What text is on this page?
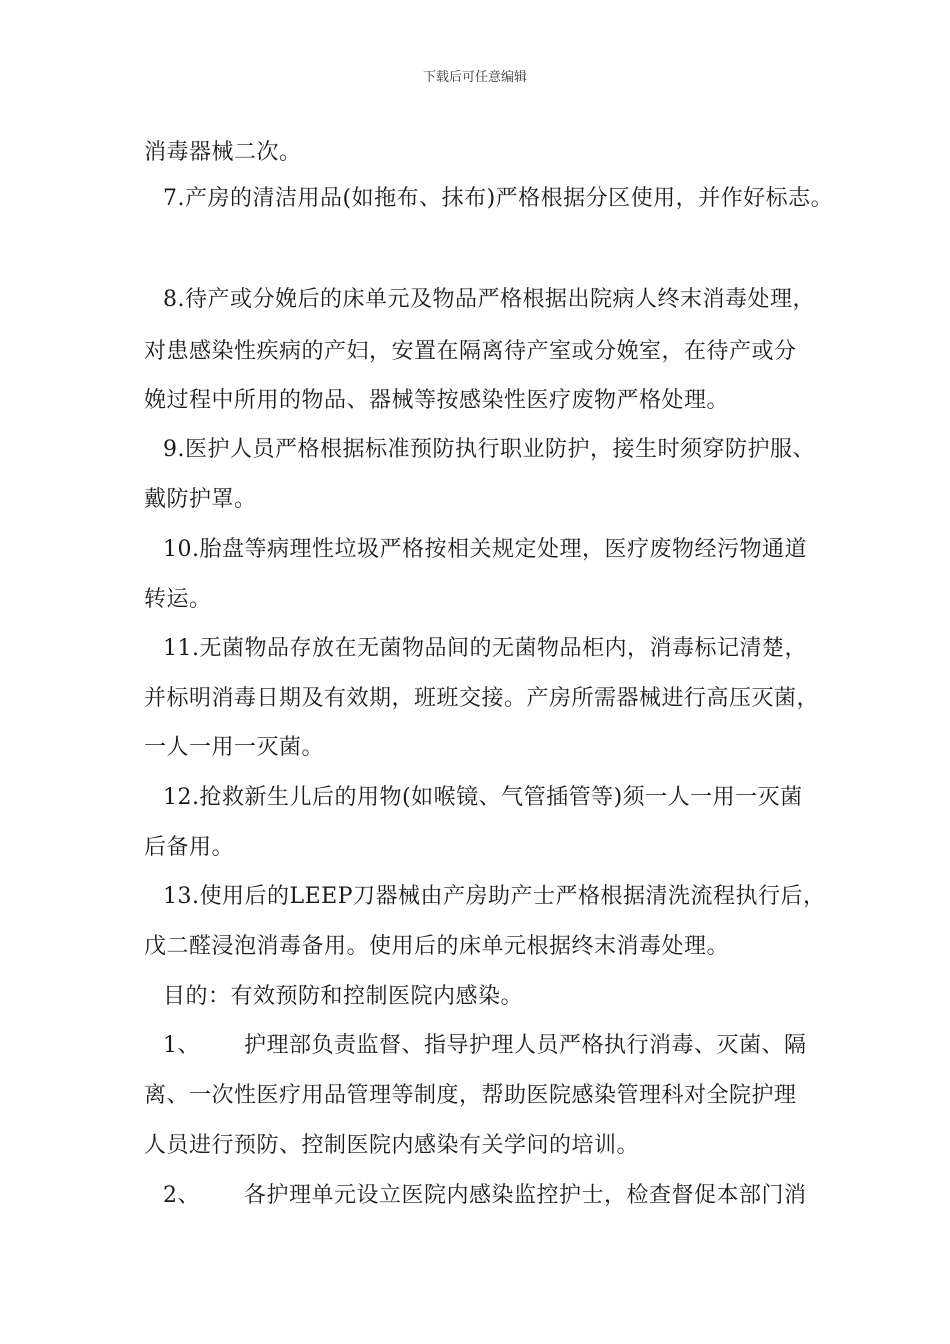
下载后可任意编辑
消毒器械二次。
7.产房的清洁用品(如拖布、抹布)严格根据分区使用，并作好标志。
8.待产或分娩后的床单元及物品严格根据出院病人终末消毒处理，
对患感染性疾病的产妇，安置在隔离待产室或分娩室，在待产或分
娩过程中所用的物品、器械等按感染性医疗废物严格处理。
9.医护人员严格根据标准预防执行职业防护，接生时须穿防护服、
戴防护罩。
10.胎盘等病理性垃圾严格按相关规定处理，医疗废物经污物通道
转运。
11.无菌物品存放在无菌物品间的无菌物品柜内，消毒标记清楚，
并标明消毒日期及有效期，班班交接。产房所需器械进行高压灭菌，
一人一用一灭菌。
12.抢救新生儿后的用物(如喉镜、气管插管等)须一人一用一灭菌
后备用。
13.使用后的LEEP刀器械由产房助产士严格根据清洗流程执行后，
戊二醛浸泡消毒备用。使用后的床单元根据终末消毒处理。
目的：有效预防和控制医院内感染。
1、 护理部负责监督、指导护理人员严格执行消毒、灭菌、隔
离、一次性医疗用品管理等制度，帮助医院感染管理科对全院护理
人员进行预防、控制医院内感染有关学问的培训。
2、 各护理单元设立医院内感染监控护士，检查督促本部门消
